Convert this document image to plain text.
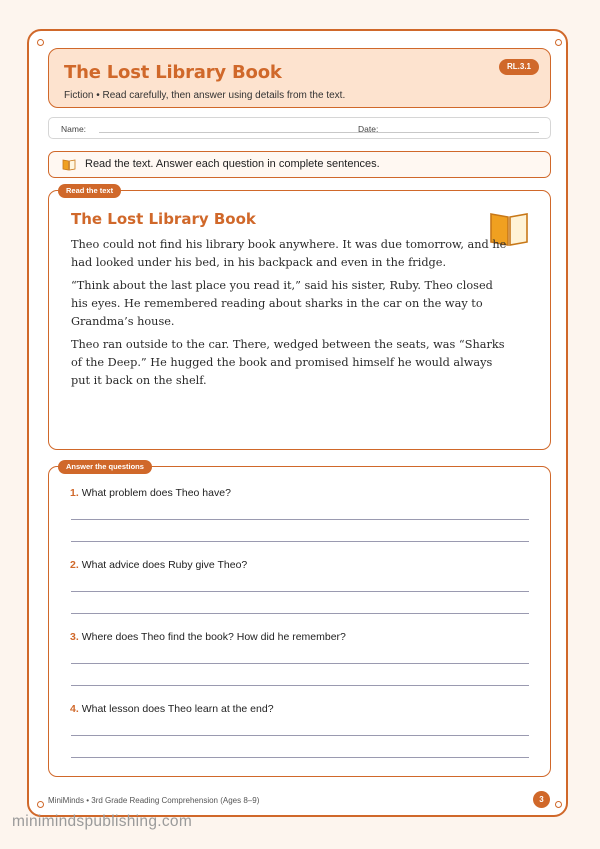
The Lost Library Book
Fiction • Read carefully, then answer using details from the text.
RL.3.1
Name:	Date:
Read the text. Answer each question in complete sentences.
The Lost Library Book

Theo could not find his library book anywhere. It was due tomorrow, and he had looked under his bed, in his backpack and even in the fridge.

“Think about the last place you read it,” said his sister, Ruby. Theo closed his eyes. He remembered reading about sharks in the car on the way to Grandma’s house.

Theo ran outside to the car. There, wedged between the seats, was “Sharks of the Deep.” He hugged the book and promised himself he would always put it back on the shelf.

Read the text
1. What problem does Theo have?
2. What advice does Ruby give Theo?
3. Where does Theo find the book? How did he remember?
4. What lesson does Theo learn at the end?
Answer the questions
MiniMinds • 3rd Grade Reading Comprehension (Ages 8–9)	3
minimindspublishing.com
